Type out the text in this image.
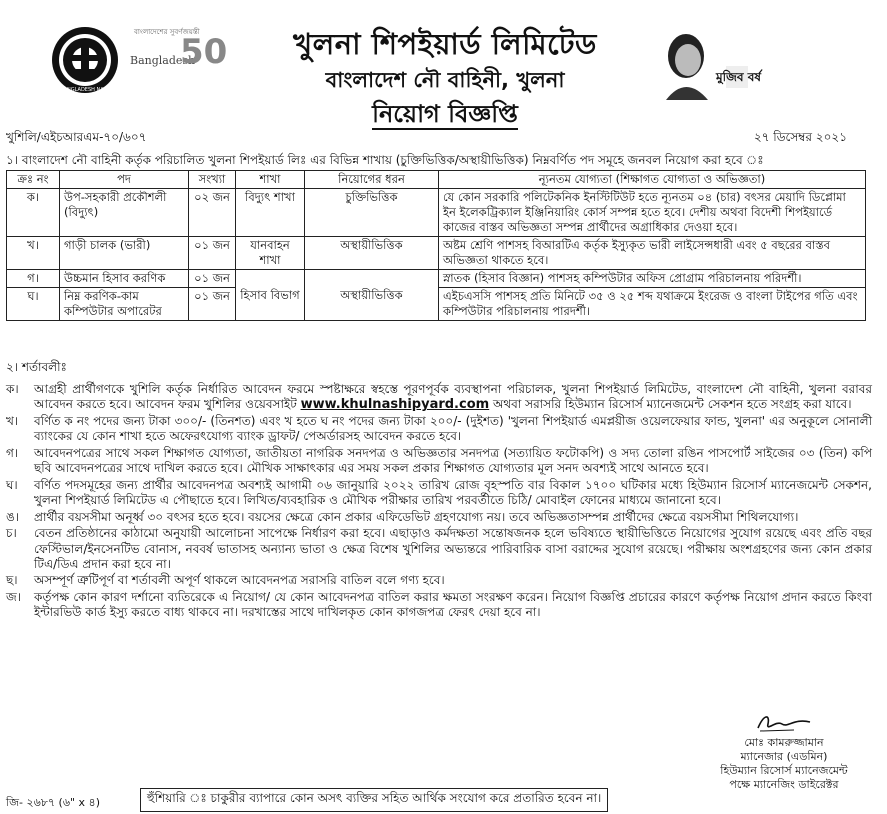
BANGLADESH NAVY
বাংলাদেশের সুবর্ণজয়ন্তী
Bangladesh
50	খুলনা শিপইয়ার্ড লিমিটেড
বাংলাদেশ নৌ বাহিনী, খুলনা
নিয়োগ বিজ্ঞপ্তি
মুজিব বর্ষ
খুশিলি/এইচআরএম-৭০/৬০৭	২৭ ডিসেম্বর ২০২১
১। বাংলাদেশ নৌ বাহিনী কর্তৃক পরিচালিত খুলনা শিপইয়ার্ড লিঃ এর বিভিন্ন শাখায় (চুক্তিভিত্তিক/অস্থায়ীভিত্তিক) নিম্নবর্ণিত পদ সমূহে জনবল নিয়োগ করা হবে ঃ
ক্রঃ নং	পদ	সংখ্যা	শাখা	নিয়োগের ধরন	ন্যূনতম যোগ্যতা (শিক্ষাগত যোগ্যতা ও অভিজ্ঞতা)
ক।	উপ-সহকারী প্রকৌশলী (বিদ্যুৎ)	০২ জন	বিদ্যুৎ শাখা	চুক্তিভিত্তিক	যে কোন সরকারি পলিটেকনিক ইনস্টিটিউট হতে ন্যূনতম ০৪ (চার) বৎসর মেয়াদি ডিপ্লোমা ইন ইলেকট্রিক্যাল ইঞ্জিনিয়ারিং কোর্স সম্পন্ন হতে হবে। দেশীয় অথবা বিদেশী শিপইয়ার্ডে কাজের বাস্তব অভিজ্ঞতা সম্পন্ন প্রার্থীদের অগ্রাধিকার দেওয়া হবে।
খ।	গাড়ী চালক (ভারী)	০১ জন	যানবাহন শাখা	অস্থায়ীভিত্তিক	অষ্টম শ্রেণি পাশসহ বিআরটিএ কর্তৃক ইস্যুকৃত ভারী লাইসেন্সধারী এবং ৫ বছরের বাস্তব অভিজ্ঞতা থাকতে হবে।
গ।	উচ্চমান হিসাব করণিক	০১ জন	হিসাব বিভাগ	অস্থায়ীভিত্তিক	স্নাতক (হিসাব বিজ্ঞান) পাশসহ কম্পিউটার অফিস প্রোগ্রাম পরিচালনায় পরিদর্শী।
ঘ।	নিম্ন করণিক-কাম কম্পিউটার অপারেটর	০১ জন			এইচএসসি পাশসহ প্রতি মিনিটে ৩৫ ও ২৫ শব্দ যথাক্রমে ইংরেজ ও বাংলা টাইপের গতি এবং কম্পিউটার পরিচালনায় পারদর্শী।
২। শর্তাবলীঃ
ক।	আগ্রহী প্রার্থীগণকে খুশিলি কর্তৃক নির্ধারিত আবেদন ফরমে স্পষ্টাক্ষরে স্বহস্তে পূরণপূর্বক ব্যবস্থাপনা পরিচালক, খুলনা শিপইয়ার্ড লিমিটেড, বাংলাদেশ নৌ বাহিনী, খুলনা বরাবর আবেদন করতে হবে। আবেদন ফরম খুশিলির ওয়েবসাইট www.khulnashipyard.com অথবা সরাসরি হিউম্যান রিসোর্স ম্যানেজমেন্ট সেকশন হতে সংগ্রহ করা যাবে।
খ।	বর্ণিত ক নং পদের জন্য টাকা ৩০০/- (তিনশত) এবং খ হতে ঘ নং পদের জন্য টাকা ২০০/- (দুইশত) 'খুলনা শিপইয়ার্ড এমপ্লয়ীজ ওয়েলফেয়ার ফান্ড, খুলনা' এর অনুকূলে সোনালী ব্যাংকের যে কোন শাখা হতে অফেরৎযোগ্য ব্যাংক ড্রাফট/ পেঅর্ডারসহ আবেদন করতে হবে।
গ।	আবেদনপত্রের সাথে সকল শিক্ষাগত যোগ্যতা, জাতীয়তা নাগরিক সনদপত্র ও অভিজ্ঞতার সনদপত্র (সত্যায়িত ফটোকপি) ও সদ্য তোলা রঙিন পাসপোর্ট সাইজের ০৩ (তিন) কপি ছবি আবেদনপত্রের সাথে দাখিল করতে হবে। মৌখিক সাক্ষাৎকার এর সময় সকল প্রকার শিক্ষাগত যোগ্যতার মূল সনদ অবশ্যই সাথে আনতে হবে।
ঘ।	বর্ণিত পদসমূহের জন্য প্রার্থীর আবেদনপত্র অবশ্যই আগামী ০৬ জানুয়ারি ২০২২ তারিখ রোজ বৃহস্পতি বার বিকাল ১৭০০ ঘটিকার মধ্যে হিউম্যান রিসোর্স ম্যানেজমেন্ট সেকশন, খুলনা শিপইয়ার্ড লিমিটেড এ পৌছাতে হবে। লিখিত/ব্যবহারিক ও মৌখিক পরীক্ষার তারিখ পরবর্তীতে চিঠি/ মোবাইল ফোনের মাধ্যমে জানানো হবে।
ঙ।	প্রার্থীর বয়সসীমা অনূর্ধ্ব ৩০ বৎসর হতে হবে। বয়সের ক্ষেত্রে কোন প্রকার এফিডেভিট গ্রহণযোগ্য নয়। তবে অভিজ্ঞতাসম্পন্ন প্রার্থীদের ক্ষেত্রে বয়সসীমা শিথিলযোগ্য।
চ।	বেতন প্রতিষ্ঠানের কাঠামো অনুযায়ী আলোচনা সাপেক্ষে নির্ধারণ করা হবে। এছাড়াও কর্মদক্ষতা সন্তোষজনক হলে ভবিষ্যতে স্থায়ীভিত্তিতে নিয়োগের সুযোগ রয়েছে এবং প্রতি বছর ফেস্টিভাল/ইনসেনটিভ বোনাস, নববর্ষ ভাতাসহ অন্যান্য ভাতা ও ক্ষেত্র বিশেষ খুশিলির অভ্যন্তরে পারিবারিক বাসা বরাদ্দের সুযোগ রয়েছে। পরীক্ষায় অংশগ্রহণের জন্য কোন প্রকার টিএ/ডিএ প্রদান করা হবে না।
ছ।	অসম্পূর্ণ ত্রুটিপূর্ণ বা শর্তাবলী অপূর্ণ থাকলে আবেদনপত্র সরাসরি বাতিল বলে গণ্য হবে।
জ।	কর্তৃপক্ষ কোন কারণ দর্শানো ব্যতিরেকে এ নিয়োগ/ যে কোন আবেদনপত্র বাতিল করার ক্ষমতা সংরক্ষণ করেন। নিয়োগ বিজ্ঞপ্তি প্রচারের কারণে কর্তৃপক্ষ নিয়োগ প্রদান করতে কিংবা ইন্টারভিউ কার্ড ইস্যু করতে বাধ্য থাকবে না। দরখাস্তের সাথে দাখিলকৃত কোন কাগজপত্র ফেরৎ দেয়া হবে না।
মোঃ কামরুজ্জামান
ম্যানেজার (এডমিন)
হিউম্যান রিসোর্স ম্যানেজমেন্ট
পক্ষে ম্যানেজিং ডাইরেক্টর
জি- ২৬৮৭ (৬" x ৪)	হুঁশিয়ারি ঃ চাকুরীর ব্যাপারে কোন অসৎ ব্যক্তির সহিত আর্থিক সংযোগ করে প্রতারিত হবেন না।
